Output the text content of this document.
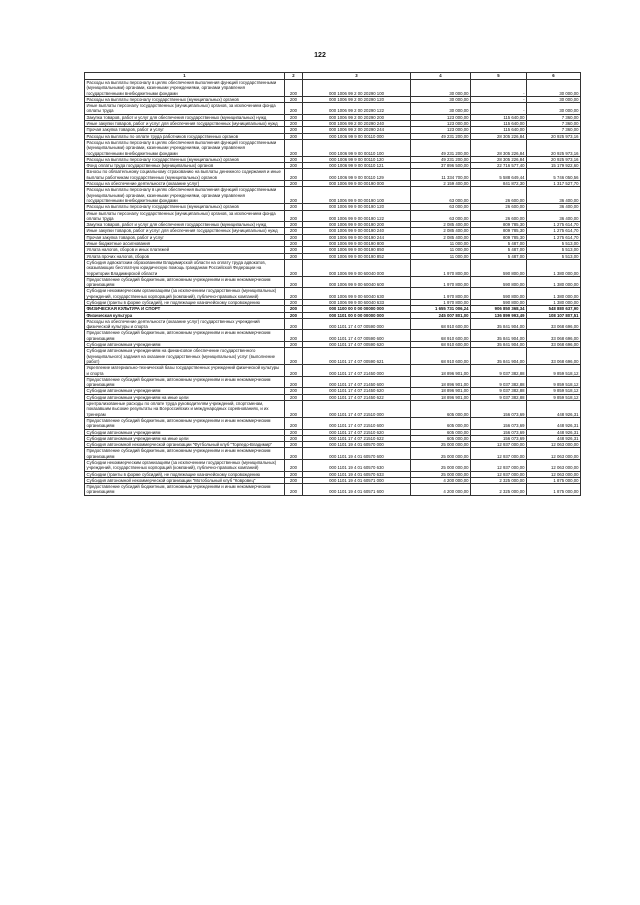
122
1	2	3	4	5	6
Расходы на выплаты персоналу в целях обеспечения выполнения функций государственными (муниципальными) органами, казенными учреждениями, органами управления государственными внебюджетными фондами	200	000 1006 99 2 00 20290 100	30 000,00	-	30 000,00
Расходы на выплаты персоналу государственных (муниципальных) органов	200	000 1006 99 2 00 20290 120	30 000,00	-	30 000,00
Иные выплаты персоналу государственных (муниципальных) органов, за исключением фонда оплаты труда	200	000 1006 99 2 00 20290 122	30 000,00	-	30 000,00
Закупка товаров, работ и услуг для обеспечения государственных (муниципальных) нужд	200	000 1006 99 2 00 20290 200	123 000,00	115 640,00	7 360,00
Иные закупки товаров, работ и услуг для обеспечения государственных (муниципальных) нужд	200	000 1006 99 2 00 20290 240	123 000,00	115 640,00	7 360,00
Прочая закупка товаров, работ и услуг	200	000 1006 99 2 00 20290 244	123 000,00	115 640,00	7 360,00
Расходы на выплаты по оплате труда работников государственных органов	200	000 1006 99 9 00 00110 000	49 231 200,00	28 305 226,84	20 925 973,16
Расходы на выплаты персоналу в целях обеспечения выполнения функций государственными (муниципальными) органами, казенными учреждениями, органами управления государственными внебюджетными фондами	200	000 1006 99 9 00 00110 100	49 231 200,00	28 305 226,84	20 925 973,16
Расходы на выплаты персоналу государственных (муниципальных) органов	200	000 1006 99 9 00 00110 120	49 231 200,00	28 305 226,84	20 925 973,16
Фонд оплаты труда государственных (муниципальных) органов	200	000 1006 99 9 00 00110 121	37 896 500,00	22 716 577,40	15 179 922,60
Взносы по обязательному социальному страхованию на выплаты денежного содержания и иные выплаты работникам государственных (муниципальных) органов	200	000 1006 99 9 00 00110 129	11 334 700,00	5 588 649,44	5 746 050,56
Расходы на обеспечение деятельности (оказание услуг)	200	000 1006 99 9 00 00190 000	2 159 400,00	841 872,30	1 317 527,70
Расходы на выплаты персоналу в целях обеспечения выполнения функций государственными (муниципальными) органами, казенными учреждениями, органами управления государственными внебюджетными фондами	200	000 1006 99 9 00 00190 100	63 000,00	26 600,00	36 400,00
Расходы на выплаты персоналу государственных (муниципальных) органов	200	000 1006 99 9 00 00190 120	63 000,00	26 600,00	36 400,00
Иные выплаты персоналу государственных (муниципальных) органов, за исключением фонда оплаты труда	200	000 1006 99 9 00 00190 122	63 000,00	26 600,00	36 400,00
Закупка товаров, работ и услуг для обеспечения государственных (муниципальных) нужд	200	000 1006 99 9 00 00190 200	2 085 400,00	809 785,30	1 275 614,70
Иные закупки товаров, работ и услуг для обеспечения государственных (муниципальных) нужд	200	000 1006 99 9 00 00190 240	2 085 400,00	809 785,30	1 275 614,70
Прочая закупка товаров, работ и услуг	200	000 1006 99 9 00 00190 244	2 085 400,00	809 785,30	1 275 614,70
Иные бюджетные ассигнования	200	000 1006 99 9 00 00190 800	11 000,00	5 487,00	5 513,00
Уплата налогов, сборов и иных платежей	200	000 1006 99 9 00 00190 850	11 000,00	5 487,00	5 513,00
Уплата прочих налогов, сборов	200	000 1006 99 9 00 00190 852	11 000,00	5 487,00	5 513,00
Субсидия адвокатским образованиям Владимирской области на оплату труда адвокатов, оказывающих бесплатную юридическую помощь гражданам Российской Федерации на территории Владимирской области	200	000 1006 99 9 00 60040 000	1 970 800,00	590 800,00	1 380 000,00
Предоставление субсидий бюджетным, автономным учреждениям и иным некоммерческим организациям	200	000 1006 99 9 00 60040 600	1 970 800,00	590 800,00	1 380 000,00
Субсидии некоммерческим организациям (за исключением государственных (муниципальных) учреждений, государственных корпораций (компаний), публично-правовых компаний)	200	000 1006 99 9 00 60040 630	1 970 800,00	590 800,00	1 380 000,00
Субсидии (гранты в форме субсидий), не подлежащие казначейскому сопровождению	200	000 1006 99 9 00 60040 633	1 970 800,00	590 800,00	1 380 000,00
ФИЗИЧЕСКАЯ КУЛЬТУРА И СПОРТ	200	000 1100 00 0 00 00000 000	1 655 731 006,24	906 850 368,34	548 880 637,90
Физическая культура	200	000 1101 00 0 00 00000 000	245 007 801,00	136 899 993,49	108 107 807,51
Расходы на обеспечение деятельности (оказание услуг) государственных учреждений физической культуры и спорта	200	000 1101 17 4 07 00590 000	68 910 600,00	35 841 904,00	33 068 696,00
Предоставление субсидий бюджетным, автономным учреждениям и иным некоммерческим организациям	200	000 1101 17 4 07 00590 600	68 910 600,00	35 841 904,00	33 068 696,00
Субсидии автономным учреждениям	200	000 1101 17 4 07 00590 620	68 910 600,00	35 841 904,00	33 068 696,00
Субсидии автономным учреждениям на финансовое обеспечение государственного (муниципального) задания на оказание государственных (муниципальных) услуг (выполнение работ)	200	000 1101 17 4 07 00590 621	68 910 600,00	35 841 904,00	33 068 696,00
Укрепление материально-технической базы государственных учреждений физической культуры и спорта	200	000 1101 17 4 07 21450 000	18 896 901,00	9 037 382,88	9 859 518,12
Предоставление субсидий бюджетным, автономным учреждениям и иным некоммерческим организациям	200	000 1101 17 4 07 21450 600	18 896 901,00	9 037 382,88	9 859 518,12
Субсидии автономным учреждениям	200	000 1101 17 4 07 21450 620	18 896 901,00	9 037 382,88	9 859 518,12
Субсидии автономным учреждениям на иные цели	200	000 1101 17 4 07 21450 622	18 896 901,00	9 037 382,88	9 859 518,12
Централизованные расходы по оплате труда руководителям учреждений, спортсменам, показавшим высокие результаты на Всероссийских и международных соревнованиях, и их тренерам	200	000 1101 17 4 07 21510 000	605 000,00	156 073,69	448 926,31
Предоставление субсидий бюджетным, автономным учреждениям и иным некоммерческим организациям	200	000 1101 17 4 07 21510 600	605 000,00	156 073,69	448 926,31
Субсидии автономным учреждениям	200	000 1101 17 4 07 21510 620	605 000,00	156 073,69	448 926,31
Субсидии автономным учреждениям на иные цели	200	000 1101 17 4 07 21510 622	605 000,00	156 073,69	448 926,31
Субсидия автономной некоммерческой организации "Футбольный клуб "Торпедо-Владимир"	200	000 1101 19 4 01 60570 000	25 000 000,00	12 937 000,00	12 063 000,00
Предоставление субсидий бюджетным, автономным учреждениям и иным некоммерческим организациям	200	000 1101 19 4 01 60570 600	25 000 000,00	12 937 000,00	12 063 000,00
Субсидии некоммерческим организациям (за исключением государственных (муниципальных) учреждений, государственных корпораций (компаний), публично-правовых компаний)	200	000 1101 19 4 01 60570 630	25 000 000,00	12 937 000,00	12 063 000,00
Субсидии (гранты в форме субсидий), не подлежащие казначейскому сопровождению	200	000 1101 19 4 01 60570 633	25 000 000,00	12 937 000,00	12 063 000,00
Субсидия автономной некоммерческой организации "Мотобольный клуб "Ковровец"	200	000 1101 19 4 01 60571 000	4 200 000,00	2 325 000,00	1 875 000,00
Предоставление субсидий бюджетным, автономным учреждениям и иным некоммерческим организациям	200	000 1101 19 4 01 60571 600	4 200 000,00	2 325 000,00	1 875 000,00
